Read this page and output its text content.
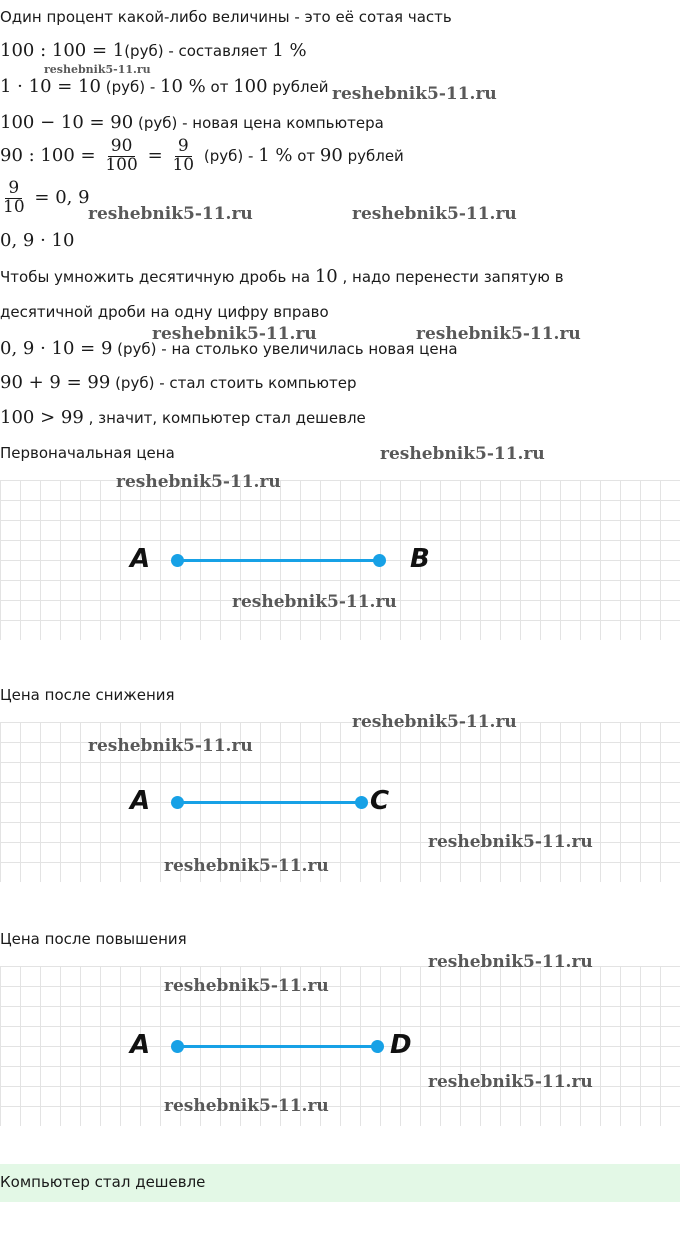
Один процент какой-либо величины - это её сотая часть
100 : 100 = 1(руб) - составляет 1 %
1 · 10 = 10 (руб) - 10 % от 100 рублей
100 − 10 = 90 (руб) - новая цена компьютера
90 : $100 = \frac{90}{100} = \frac{9}{10} (руб) - 1$ % от 90 рублей
$\frac{9}{10} = 0$, 9
0, 9 · 10
Чтобы умножить десятичную дробь на 10 , надо перенести запятую в
десятичной дроби на одну цифру вправо
0, 9 · 10 = 9 (руб) - на столько увеличилась новая цена
90 + 9 = 99 (руб) - стал стоить компьютер
100 > 99 , значит, компьютер стал дешевле
Первоначальная цена
A	B
Цена после снижения
A	C
Цена после повышения
A	D
Компьютер стал дешевле
reshebnik5-11.ru
reshebnik5-11.ru
reshebnik5-11.ru	reshebnik5-11.ru
reshebnik5-11.ru	reshebnik5-11.ru
reshebnik5-11.ru
reshebnik5-11.ru
reshebnik5-11.ru
reshebnik5-11.ru
reshebnik5-11.ru
reshebnik5-11.ru
reshebnik5-11.ru
reshebnik5-11.ru
reshebnik5-11.ru
reshebnik5-11.ru
reshebnik5-11.ru
